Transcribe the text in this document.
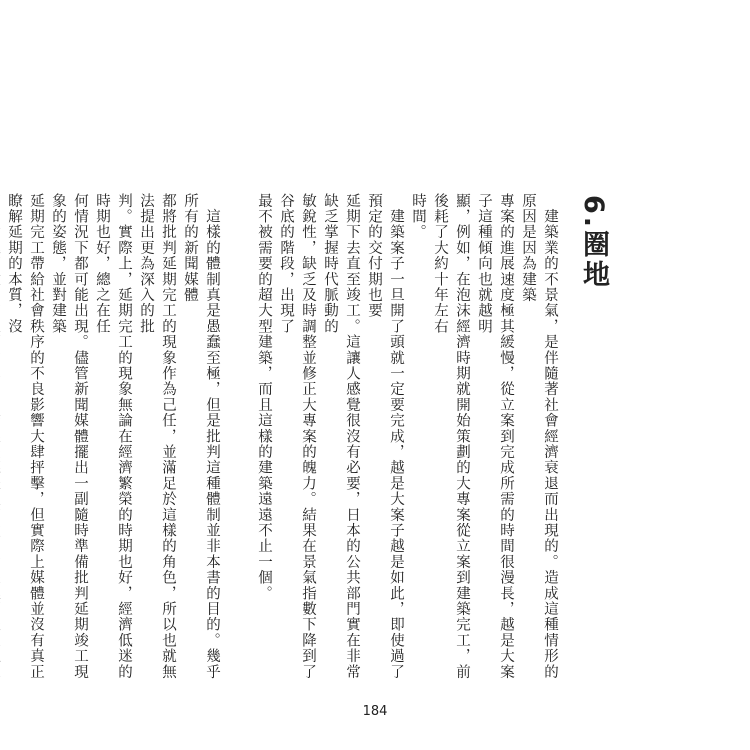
6.圈地
　建築業的不景氣，是伴隨著社會經濟衰退而出現的。造成這種情形的原因是因為建築
專案的進展速度極其緩慢，從立案到完成所需的時間很漫長，越是大案子這種傾向也就越明
顯，例如，在泡沫經濟時期就開始策劃的大專案從立案到建築完工，前後耗了大約十年左右
時間。
　建築案子一旦開了頭就一定要完成，越是大案子越是如此，即使過了預定的交付期也要
延期下去直至竣工。這讓人感覺很沒有必要，日本的公共部門實在非常缺乏掌握時代脈動的
敏銳性，缺乏及時調整並修正大專案的魄力。結果在景氣指數下降到了谷底的階段，出現了
最不被需要的超大型建築，而且這樣的建築遠遠不止一個。
　這樣的體制真是愚蠢至極，但是批判這種體制並非本書的目的。幾乎所有的新聞媒體
都將批判延期完工的現象作為己任，並滿足於這樣的角色，所以也就無法提出更為深入的批
判。實際上，延期完工的現象無論在經濟繁榮的時期也好，經濟低迷的時期也好，總之在任
何情況下都可能出現。儘管新聞媒體擺出一副隨時準備批判延期竣工現象的姿態，並對建築
延期完工帶給社會秩序的不良影響大肆抨擊，但實際上媒體並沒有真正瞭解延期的本質，沒
184
